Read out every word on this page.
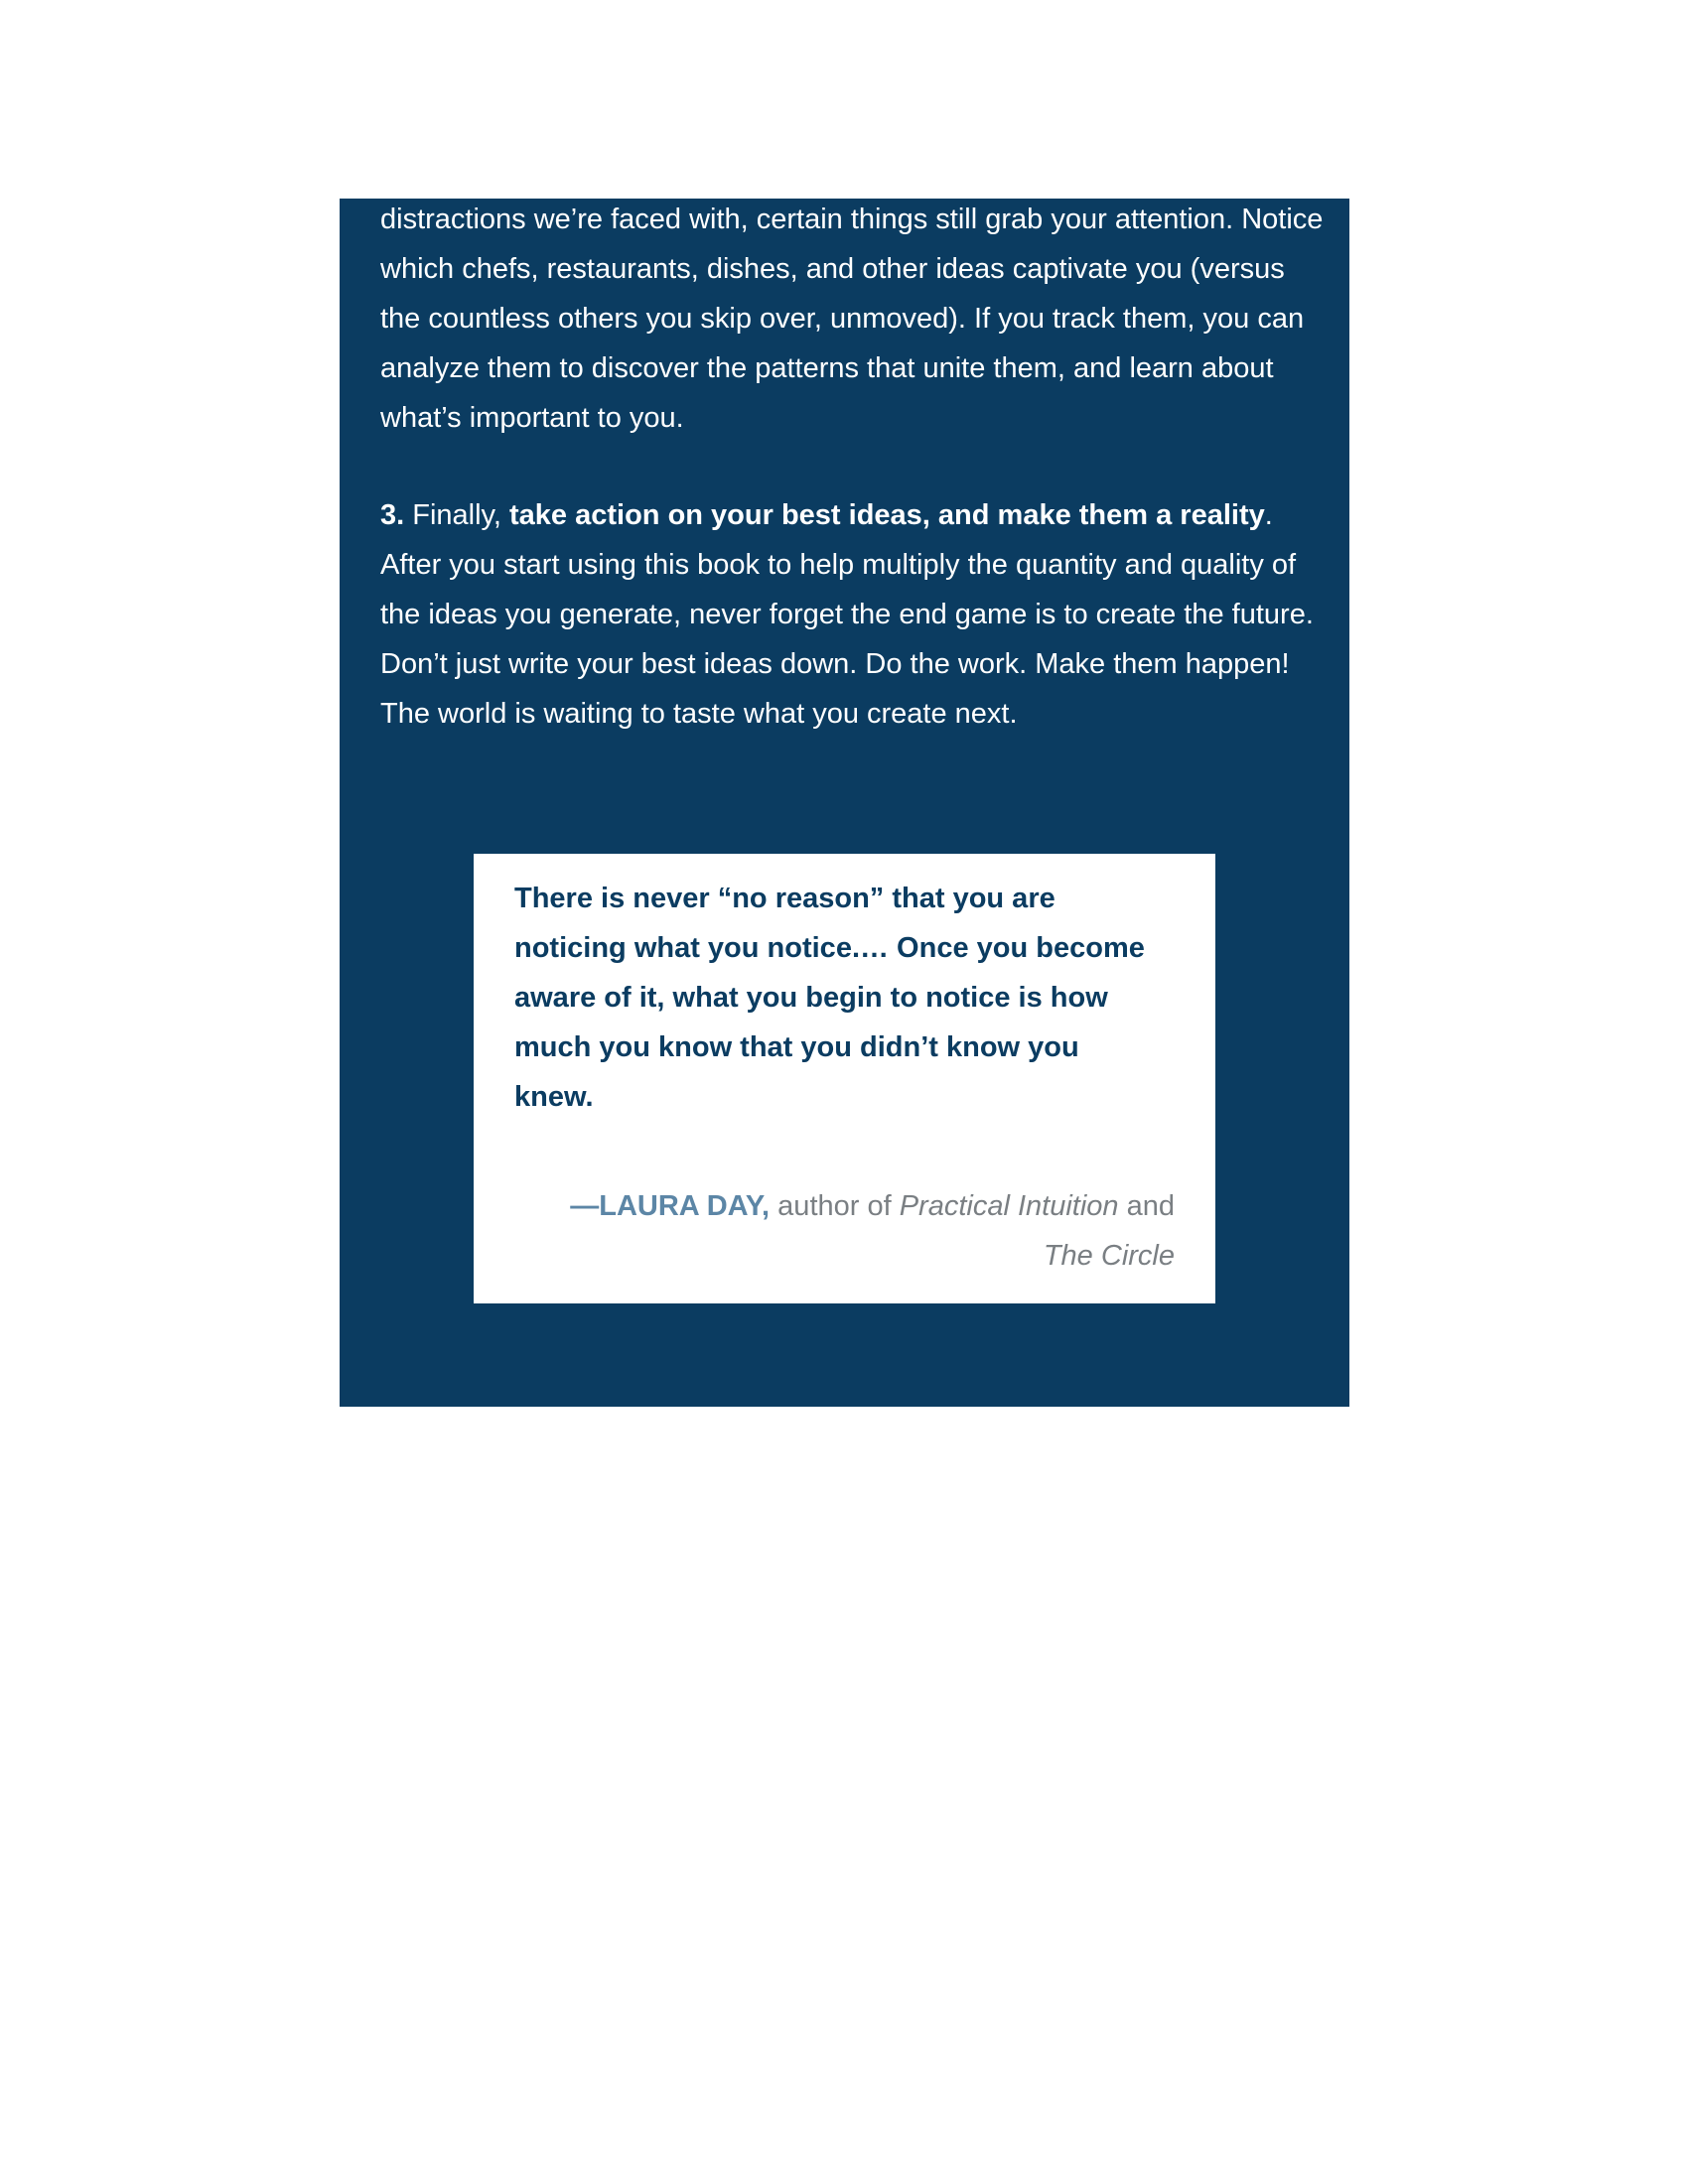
distractions we’re faced with, certain things still grab your attention. Notice which chefs, restaurants, dishes, and other ideas captivate you (versus the countless others you skip over, unmoved). If you track them, you can analyze them to discover the patterns that unite them, and learn about what’s important to you.

3. Finally, take action on your best ideas, and make them a reality. After you start using this book to help multiply the quantity and quality of the ideas you generate, never forget the end game is to create the future. Don’t just write your best ideas down. Do the work. Make them happen! The world is waiting to taste what you create next.

There is never “no reason” that you are noticing what you notice.… Once you become aware of it, what you begin to notice is how much you know that you didn’t know you knew.

—LAURA DAY, author of Practical Intuition and The Circle
